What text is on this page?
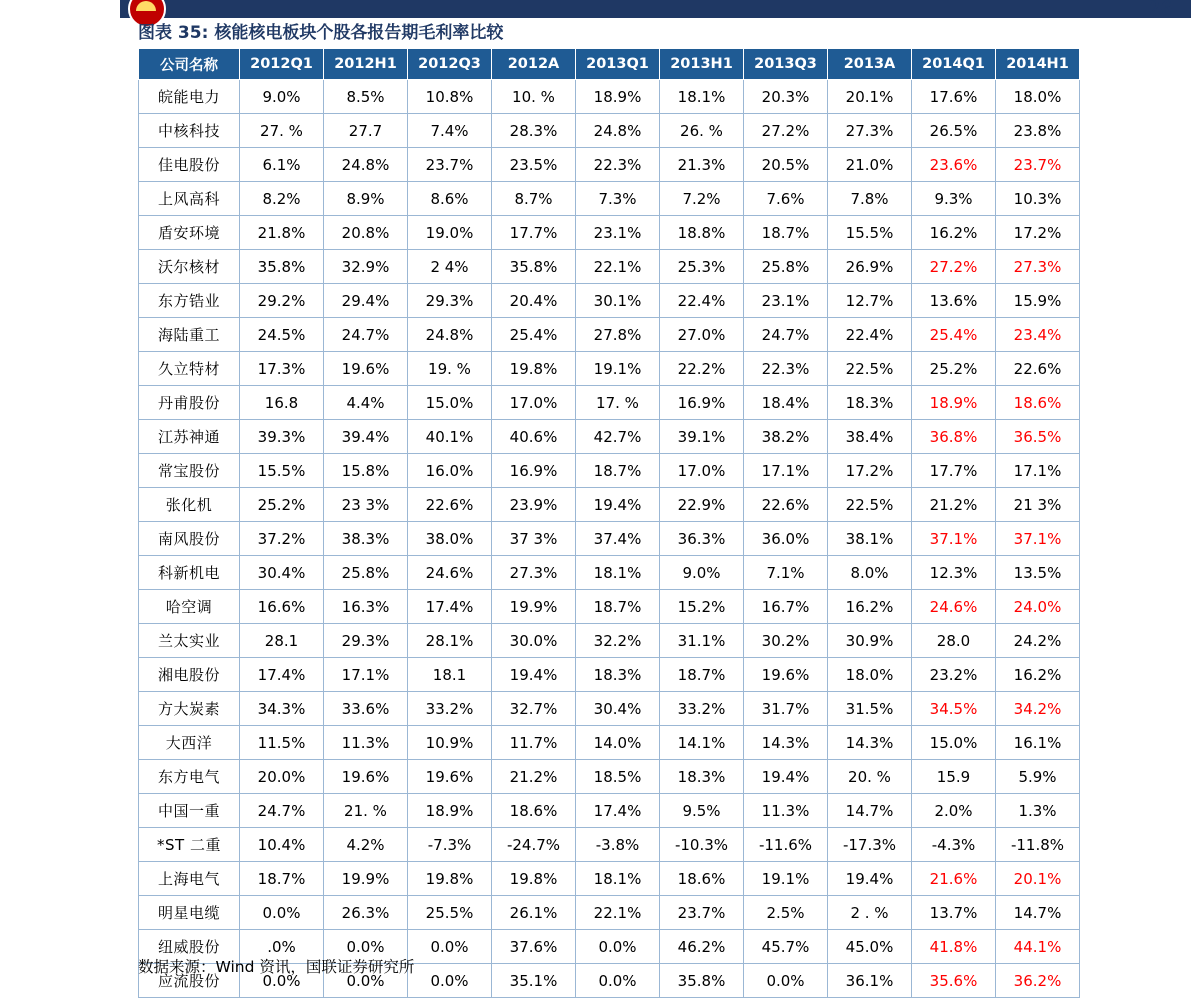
26
图表 35: 核能核电板块个股各报告期毛利率比较
公司名称	2012Q1	2012H1	2012Q3	2012A	2013Q1	2013H1	2013Q3	2013A	2014Q1	2014H1
皖能电力	9.0%	8.5%	10.8%	10. %	18.9%	18.1%	20.3%	20.1%	17.6%	18.0%
中核科技	27. %	27.7	7.4%	28.3%	24.8%	26. %	27.2%	27.3%	26.5%	23.8%
佳电股份	6.1%	24.8%	23.7%	23.5%	22.3%	21.3%	20.5%	21.0%	23.6%	23.7%
上风高科	8.2%	8.9%	8.6%	8.7%	7.3%	7.2%	7.6%	7.8%	9.3%	10.3%
盾安环境	21.8%	20.8%	19.0%	17.7%	23.1%	18.8%	18.7%	15.5%	16.2%	17.2%
沃尔核材	35.8%	32.9%	2 4%	35.8%	22.1%	25.3%	25.8%	26.9%	27.2%	27.3%
东方锆业	29.2%	29.4%	29.3%	20.4%	30.1%	22.4%	23.1%	12.7%	13.6%	15.9%
海陆重工	24.5%	24.7%	24.8%	25.4%	27.8%	27.0%	24.7%	22.4%	25.4%	23.4%
久立特材	17.3%	19.6%	19. %	19.8%	19.1%	22.2%	22.3%	22.5%	25.2%	22.6%
丹甫股份	16.8	4.4%	15.0%	17.0%	17. %	16.9%	18.4%	18.3%	18.9%	18.6%
江苏神通	39.3%	39.4%	40.1%	40.6%	42.7%	39.1%	38.2%	38.4%	36.8%	36.5%
常宝股份	15.5%	15.8%	16.0%	16.9%	18.7%	17.0%	17.1%	17.2%	17.7%	17.1%
张化机	25.2%	23 3%	22.6%	23.9%	19.4%	22.9%	22.6%	22.5%	21.2%	21 3%
南风股份	37.2%	38.3%	38.0%	37 3%	37.4%	36.3%	36.0%	38.1%	37.1%	37.1%
科新机电	30.4%	25.8%	24.6%	27.3%	18.1%	9.0%	7.1%	8.0%	12.3%	13.5%
哈空调	16.6%	16.3%	17.4%	19.9%	18.7%	15.2%	16.7%	16.2%	24.6%	24.0%
兰太实业	28.1	29.3%	28.1%	30.0%	32.2%	31.1%	30.2%	30.9%	28.0	24.2%
湘电股份	17.4%	17.1%	18.1	19.4%	18.3%	18.7%	19.6%	18.0%	23.2%	16.2%
方大炭素	34.3%	33.6%	33.2%	32.7%	30.4%	33.2%	31.7%	31.5%	34.5%	34.2%
大西洋	11.5%	11.3%	10.9%	11.7%	14.0%	14.1%	14.3%	14.3%	15.0%	16.1%
东方电气	20.0%	19.6%	19.6%	21.2%	18.5%	18.3%	19.4%	20. %	15.9	5.9%
中国一重	24.7%	21. %	18.9%	18.6%	17.4%	9.5%	11.3%	14.7%	2.0%	1.3%
*ST 二重	10.4%	4.2%	-7.3%	-24.7%	-3.8%	-10.3%	-11.6%	-17.3%	-4.3%	-11.8%
上海电气	18.7%	19.9%	19.8%	19.8%	18.1%	18.6%	19.1%	19.4%	21.6%	20.1%
明星电缆	0.0%	26.3%	25.5%	26.1%	22.1%	23.7%	2.5%	2 . %	13.7%	14.7%
纽威股份	.0%	0.0%	0.0%	37.6%	0.0%	46.2%	45.7%	45.0%	41.8%	44.1%
应流股份	0.0%	0.0%	0.0%	35.1%	0.0%	35.8%	0.0%	36.1%	35.6%	36.2%
数据来源：Wind 资讯，国联证券研究所
